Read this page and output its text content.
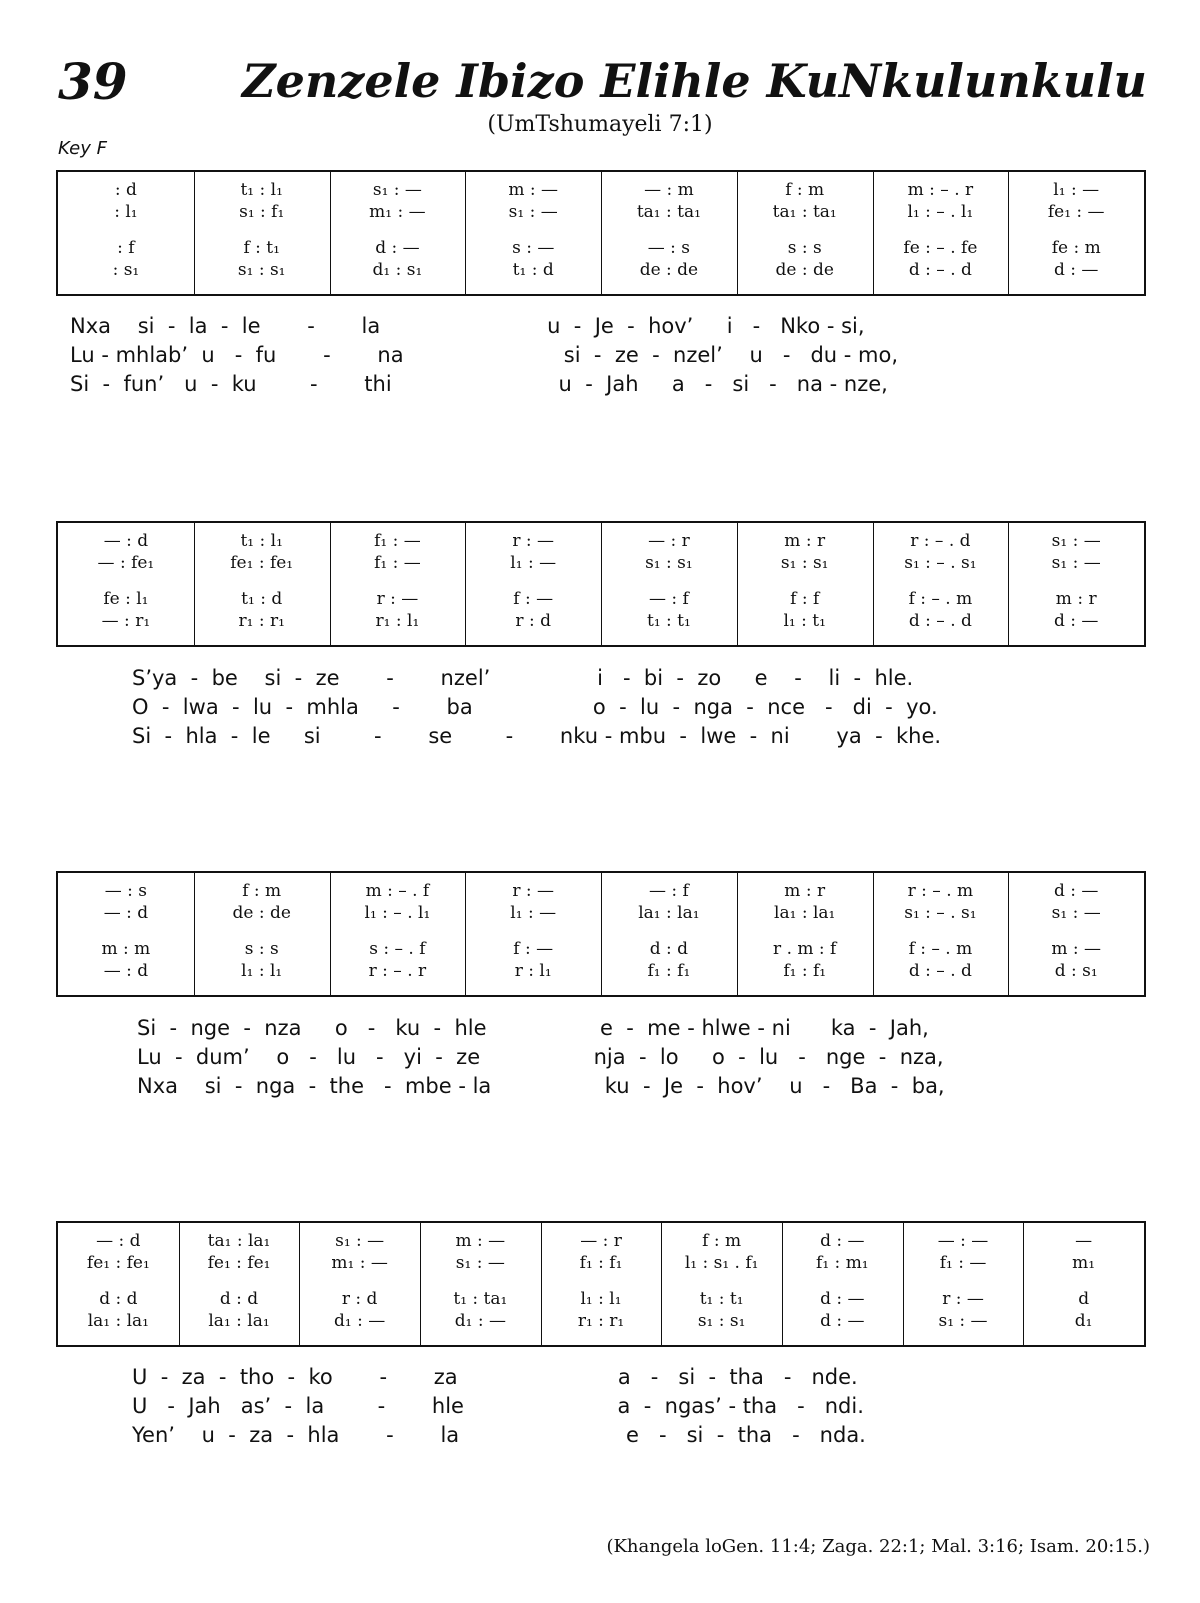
39 Zenzele Ibizo Elihle KuNkulunkulu
(UmTshumayeli 7:1)
Key F
: d	t₁ : l₁	s₁ : —	m : —	— : m	f : m	m : – . r	l₁ : —
: l₁	s₁ : f₁	m₁ : —	s₁ : —	ta₁ : ta₁	ta₁ : ta₁	l₁ : – . l₁	fe₁ : —
: f	f : t₁	d : —	s : —	— : s	s : s	fe : – . fe	fe : m
: s₁	s₁ : s₁	d₁ : s₁	t₁ : d	de : de	de : de	d : – . d	d : —
Nxa    si  -  la  -  le       -       la                         u  -  Je  -  hov’     i   -   Nko - si,
Lu - mhlab’  u   -  fu       -       na                        si  -  ze  -  nzel’    u   -   du - mo,
Si  -  fun’   u  -  ku        -       thi                         u  -  Jah     a   -   si   -   na - nze,
— : d	t₁ : l₁	f₁ : —	r : —	— : r	m : r	r : – . d	s₁ : —
— : fe₁	fe₁ : fe₁	f₁ : —	l₁ : —	s₁ : s₁	s₁ : s₁	s₁ : – . s₁	s₁ : —
fe : l₁	t₁ : d	r : —	f : —	— : f	f : f	f : – . m	m : r
— : r₁	r₁ : r₁	r₁ : l₁	r : d	t₁ : t₁	l₁ : t₁	d : – . d	d : —
S’ya  -  be    si  -  ze       -       nzel’                i   -  bi  -  zo     e    -    li  -  hle.
O  -  lwa  -  lu  -  mhla     -       ba                  o  -  lu  -  nga  -  nce   -   di  -  yo.
Si  -  hla  -  le     si        -       se        -       nku - mbu  -  lwe  -  ni       ya  -  khe.
— : s	f : m	m : – . f	r : —	— : f	m : r	r : – . m	d : —
— : d	de : de	l₁ : – . l₁	l₁ : —	la₁ : la₁	la₁ : la₁	s₁ : – . s₁	s₁ : —
m : m	s : s	s : – . f	f : —	d : d	r . m : f	f : – . m	m : —
— : d	l₁ : l₁	r : – . r	r : l₁	f₁ : f₁	f₁ : f₁	d : – . d	d : s₁
Si  -  nge  -  nza     o   -   ku  -  hle                 e  -  me - hlwe - ni      ka  -  Jah,
Lu  -  dum’    o   -   lu   -   yi  -  ze                 nja  -  lo     o  -  lu   -   nge  -  nza,
Nxa    si  -  nga  -  the   -  mbe - la                 ku  -  Je  -  hov’    u   -   Ba  -  ba,
— : d	ta₁ : la₁	s₁ : —	m : —	— : r	f : m	d : —	— : —	—
fe₁ : fe₁	fe₁ : fe₁	m₁ : —	s₁ : —	f₁ : f₁	l₁ : s₁ . f₁	f₁ : m₁	f₁ : —	m₁
d : d	d : d	r : d	t₁ : ta₁	l₁ : l₁	t₁ : t₁	d : —	r : —	d
la₁ : la₁	la₁ : la₁	d₁ : —	d₁ : —	r₁ : r₁	s₁ : s₁	d : —	s₁ : —	d₁
U  -  za  -  tho  -  ko       -       za                        a   -   si  -  tha   -   nde.
U   -  Jah   as’  -  la        -       hle                       a  -  ngas’ - tha   -   ndi.
Yen’    u  -  za  -  hla       -       la                         e   -   si  -  tha   -   nda.
(Khangela loGen. 11:4; Zaga. 22:1; Mal. 3:16; Isam. 20:15.)
